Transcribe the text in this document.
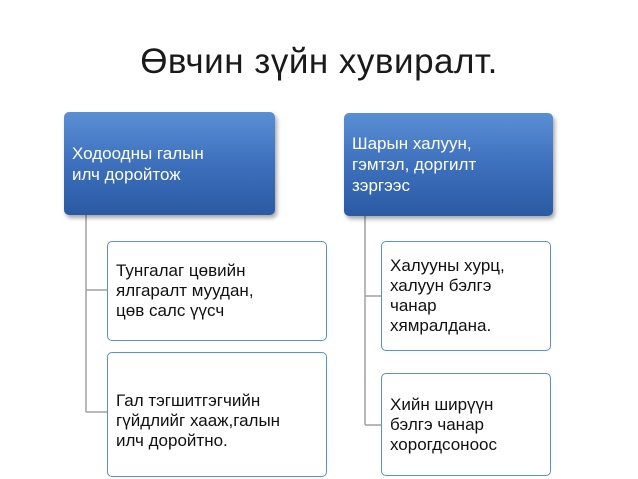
Өвчин зүйн хувиралт.
Ходоодны галын
илч доройтож
Шарын халуун,
гэмтэл, доргилт
зэргээс
Тунгалаг цөвийн
ялгаралт муудан,
цөв салс үүсч

Гал тэгшитгэгчийн
гүйдлийг хааж,галын
илч доройтно.

Халууны хурц,
халуун бэлгэ
чанар
хямралдана.
Хийн ширүүн
бэлгэ чанар
хорогдсоноос
